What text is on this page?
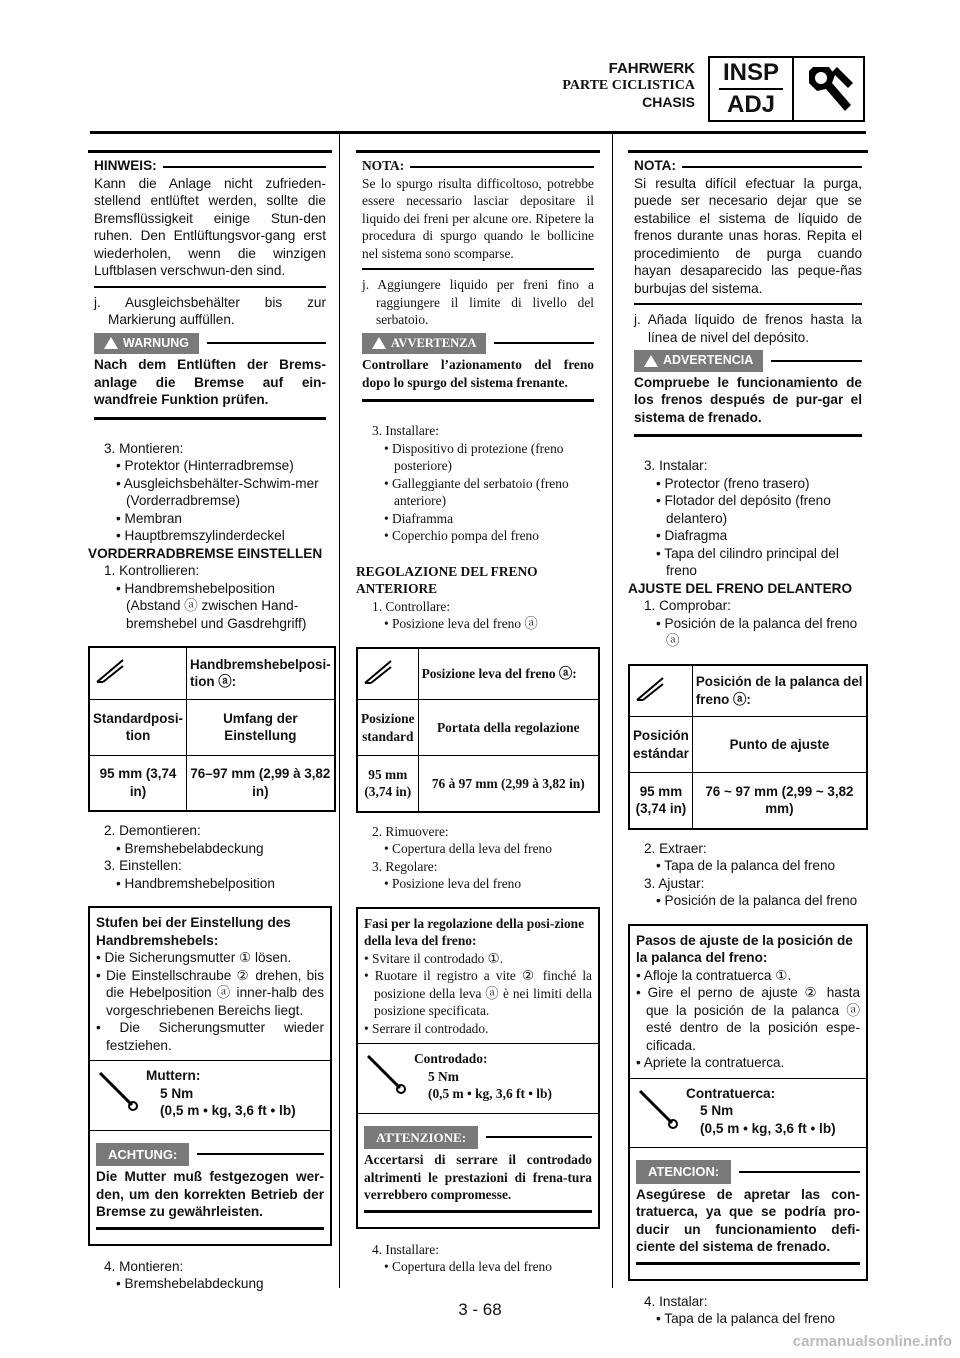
FAHRWERK
PARTE CICLISTICA
CHASIS
INSP
ADJ
HINWEIS:
Kann die Anlage nicht zufrieden-stellend entlüftet werden, sollte die Bremsflüssigkeit einige Stun-den ruhen. Den Entlüftungsvor-gang erst wiederholen, wenn die winzigen Luftblasen verschwun-den sind.
j. Ausgleichsbehälter bis zur Markierung auffüllen.
WARNUNG
Nach dem Entlüften der Brems-anlage die Bremse auf ein-wandfreie Funktion prüfen.
3. Montieren:
• Protektor (Hinterradbremse)
• Ausgleichsbehälter-Schwim-mer (Vorderradbremse)
• Membran
• Hauptbremszylinderdeckel
VORDERRADBREMSE EINSTELLEN
1. Kontrollieren:
• Handbremshebelposition (Abstand ⓐ zwischen Hand-bremshebel und Gasdrehgriff)
	Handbremshebelposi-tion ⓐ:
Standardposi-tion	Umfang der Einstellung
95 mm (3,74 in)	76–97 mm (2,99 à 3,82 in)
2. Demontieren:
• Bremshebelabdeckung
3. Einstellen:
• Handbremshebelposition
Stufen bei der Einstellung des Handbremshebels:
• Die Sicherungsmutter ① lösen.
• Die Einstellschraube ② drehen, bis die Hebelposition ⓐ inner-halb des vorgeschriebenen Bereichs liegt.
• Die Sicherungsmutter wieder festziehen.
Muttern:
5 Nm
(0,5 m • kg, 3,6 ft • lb)
ACHTUNG:
Die Mutter muß festgezogen wer-den, um den korrekten Betrieb der Bremse zu gewährleisten.
4. Montieren:
• Bremshebelabdeckung
NOTA:
Se lo spurgo risulta difficoltoso, potrebbe essere necessario lasciar depositare il liquido dei freni per alcune ore. Ripetere la procedura di spurgo quando le bollicine nel sistema sono scomparse.
j. Aggiungere liquido per freni fino a raggiungere il limite di livello del serbatoio.
AVVERTENZA
Controllare l’azionamento del freno dopo lo spurgo del sistema frenante.
3. Installare:
• Dispositivo di protezione (freno posteriore)
• Galleggiante del serbatoio (freno anteriore)
• Diaframma
• Coperchio pompa del freno
REGOLAZIONE DEL FRENO ANTERIORE
1. Controllare:
• Posizione leva del freno ⓐ
	Posizione leva del freno ⓐ:
Posizione standard	Portata della regolazione
95 mm (3,74 in)	76 à 97 mm (2,99 à 3,82 in)
2. Rimuovere:
• Copertura della leva del freno
3. Regolare:
• Posizione leva del freno
Fasi per la regolazione della posi-zione della leva del freno:
• Svitare il controdado ①.
• Ruotare il registro a vite ② finché la posizione della leva ⓐ è nei limiti della posizione specificata.
• Serrare il controdado.
Controdado:
5 Nm
(0,5 m • kg, 3,6 ft • lb)
ATTENZIONE:
Accertarsi di serrare il controdado altrimenti le prestazioni di frena-tura verrebbero compromesse.
4. Installare:
• Copertura della leva del freno
NOTA:
Si resulta difícil efectuar la purga, puede ser necesario dejar que se estabilice el sistema de líquido de frenos durante unas horas. Repita el procedimiento de purga cuando hayan desaparecido las peque-ñas burbujas del sistema.
j. Añada líquido de frenos hasta la línea de nivel del depósito.
ADVERTENCIA
Compruebe le funcionamiento de los frenos después de pur-gar el sistema de frenado.
3. Instalar:
• Protector (freno trasero)
• Flotador del depósito (freno delantero)
• Diafragma
• Tapa del cilindro principal del freno
AJUSTE DEL FRENO DELANTERO
1. Comprobar:
• Posición de la palanca del freno ⓐ
	Posición de la palanca del freno ⓐ:
Posición estándar	Punto de ajuste
95 mm (3,74 in)	76 ~ 97 mm (2,99 ~ 3,82 mm)
2. Extraer:
• Tapa de la palanca del freno
3. Ajustar:
• Posición de la palanca del freno
Pasos de ajuste de la posición de la palanca del freno:
• Afloje la contratuerca ①.
• Gire el perno de ajuste ② hasta que la posición de la palanca ⓐ esté dentro de la posición espe-cificada.
• Apriete la contratuerca.
Contratuerca:
5 Nm
(0,5 m • kg, 3,6 ft • lb)
ATENCION:
Asegúrese de apretar las con-tratuerca, ya que se podría pro-ducir un funcionamiento defi-ciente del sistema de frenado.
4. Instalar:
• Tapa de la palanca del freno
3 - 68
carmanualsonline.info
